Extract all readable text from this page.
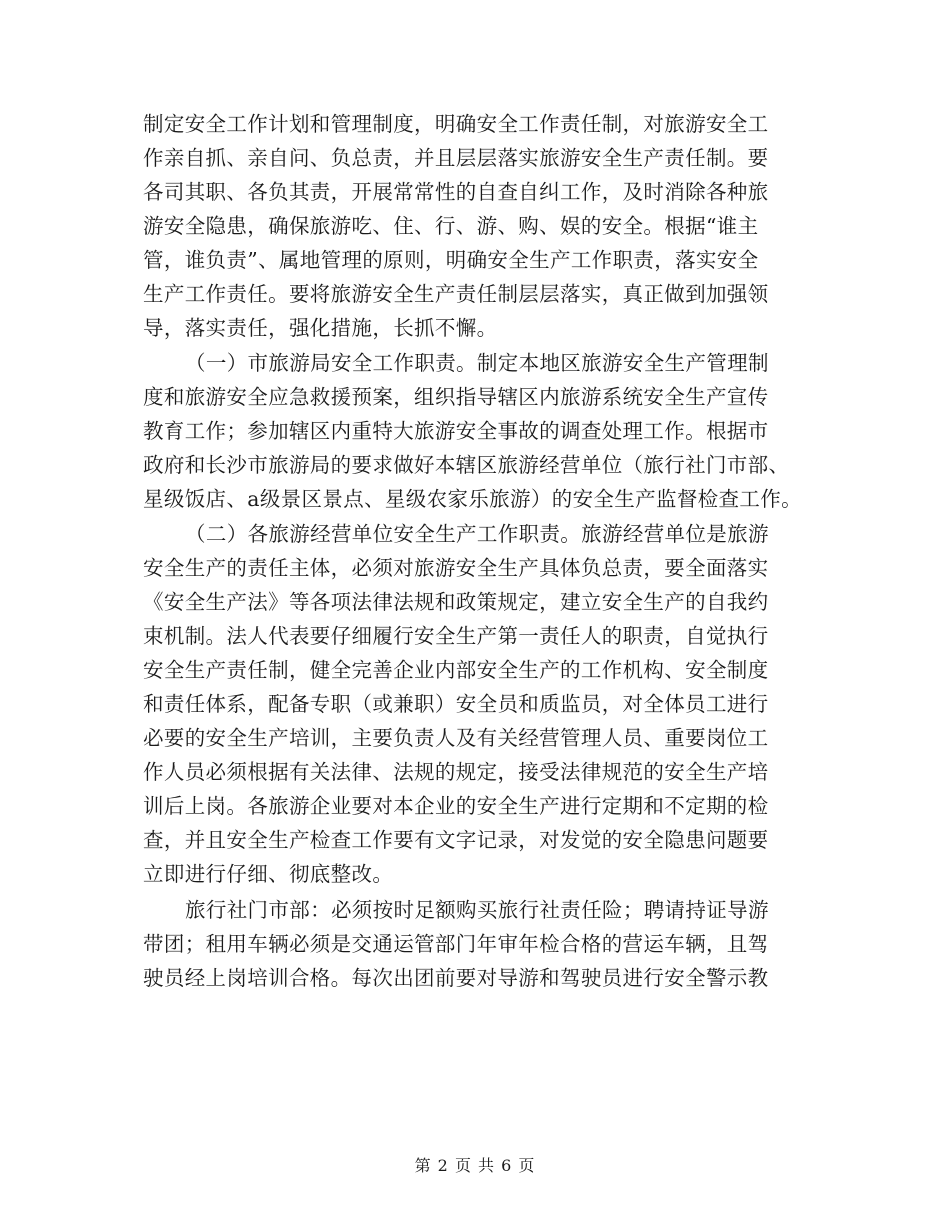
制定安全工作计划和管理制度，明确安全工作责任制，对旅游安全工
作亲自抓、亲自问、负总责，并且层层落实旅游安全生产责任制。要
各司其职、各负其责，开展常常性的自查自纠工作，及时消除各种旅
游安全隐患，确保旅游吃、住、行、游、购、娱的安全。根据“谁主
管，谁负责”、属地管理的原则，明确安全生产工作职责，落实安全
生产工作责任。要将旅游安全生产责任制层层落实，真正做到加强领
导，落实责任，强化措施，长抓不懈。
（一）市旅游局安全工作职责。制定本地区旅游安全生产管理制
度和旅游安全应急救援预案，组织指导辖区内旅游系统安全生产宣传
教育工作；参加辖区内重特大旅游安全事故的调查处理工作。根据市
政府和长沙市旅游局的要求做好本辖区旅游经营单位（旅行社门市部、
星级饭店、a级景区景点、星级农家乐旅游）的安全生产监督检查工作。
（二）各旅游经营单位安全生产工作职责。旅游经营单位是旅游
安全生产的责任主体，必须对旅游安全生产具体负总责，要全面落实
《安全生产法》等各项法律法规和政策规定，建立安全生产的自我约
束机制。法人代表要仔细履行安全生产第一责任人的职责，自觉执行
安全生产责任制，健全完善企业内部安全生产的工作机构、安全制度
和责任体系，配备专职（或兼职）安全员和质监员，对全体员工进行
必要的安全生产培训，主要负责人及有关经营管理人员、重要岗位工
作人员必须根据有关法律、法规的规定，接受法律规范的安全生产培
训后上岗。各旅游企业要对本企业的安全生产进行定期和不定期的检
查，并且安全生产检查工作要有文字记录，对发觉的安全隐患问题要
立即进行仔细、彻底整改。
旅行社门市部：必须按时足额购买旅行社责任险；聘请持证导游
带团；租用车辆必须是交通运管部门年审年检合格的营运车辆，且驾
驶员经上岗培训合格。每次出团前要对导游和驾驶员进行安全警示教
第 2 页 共 6 页
